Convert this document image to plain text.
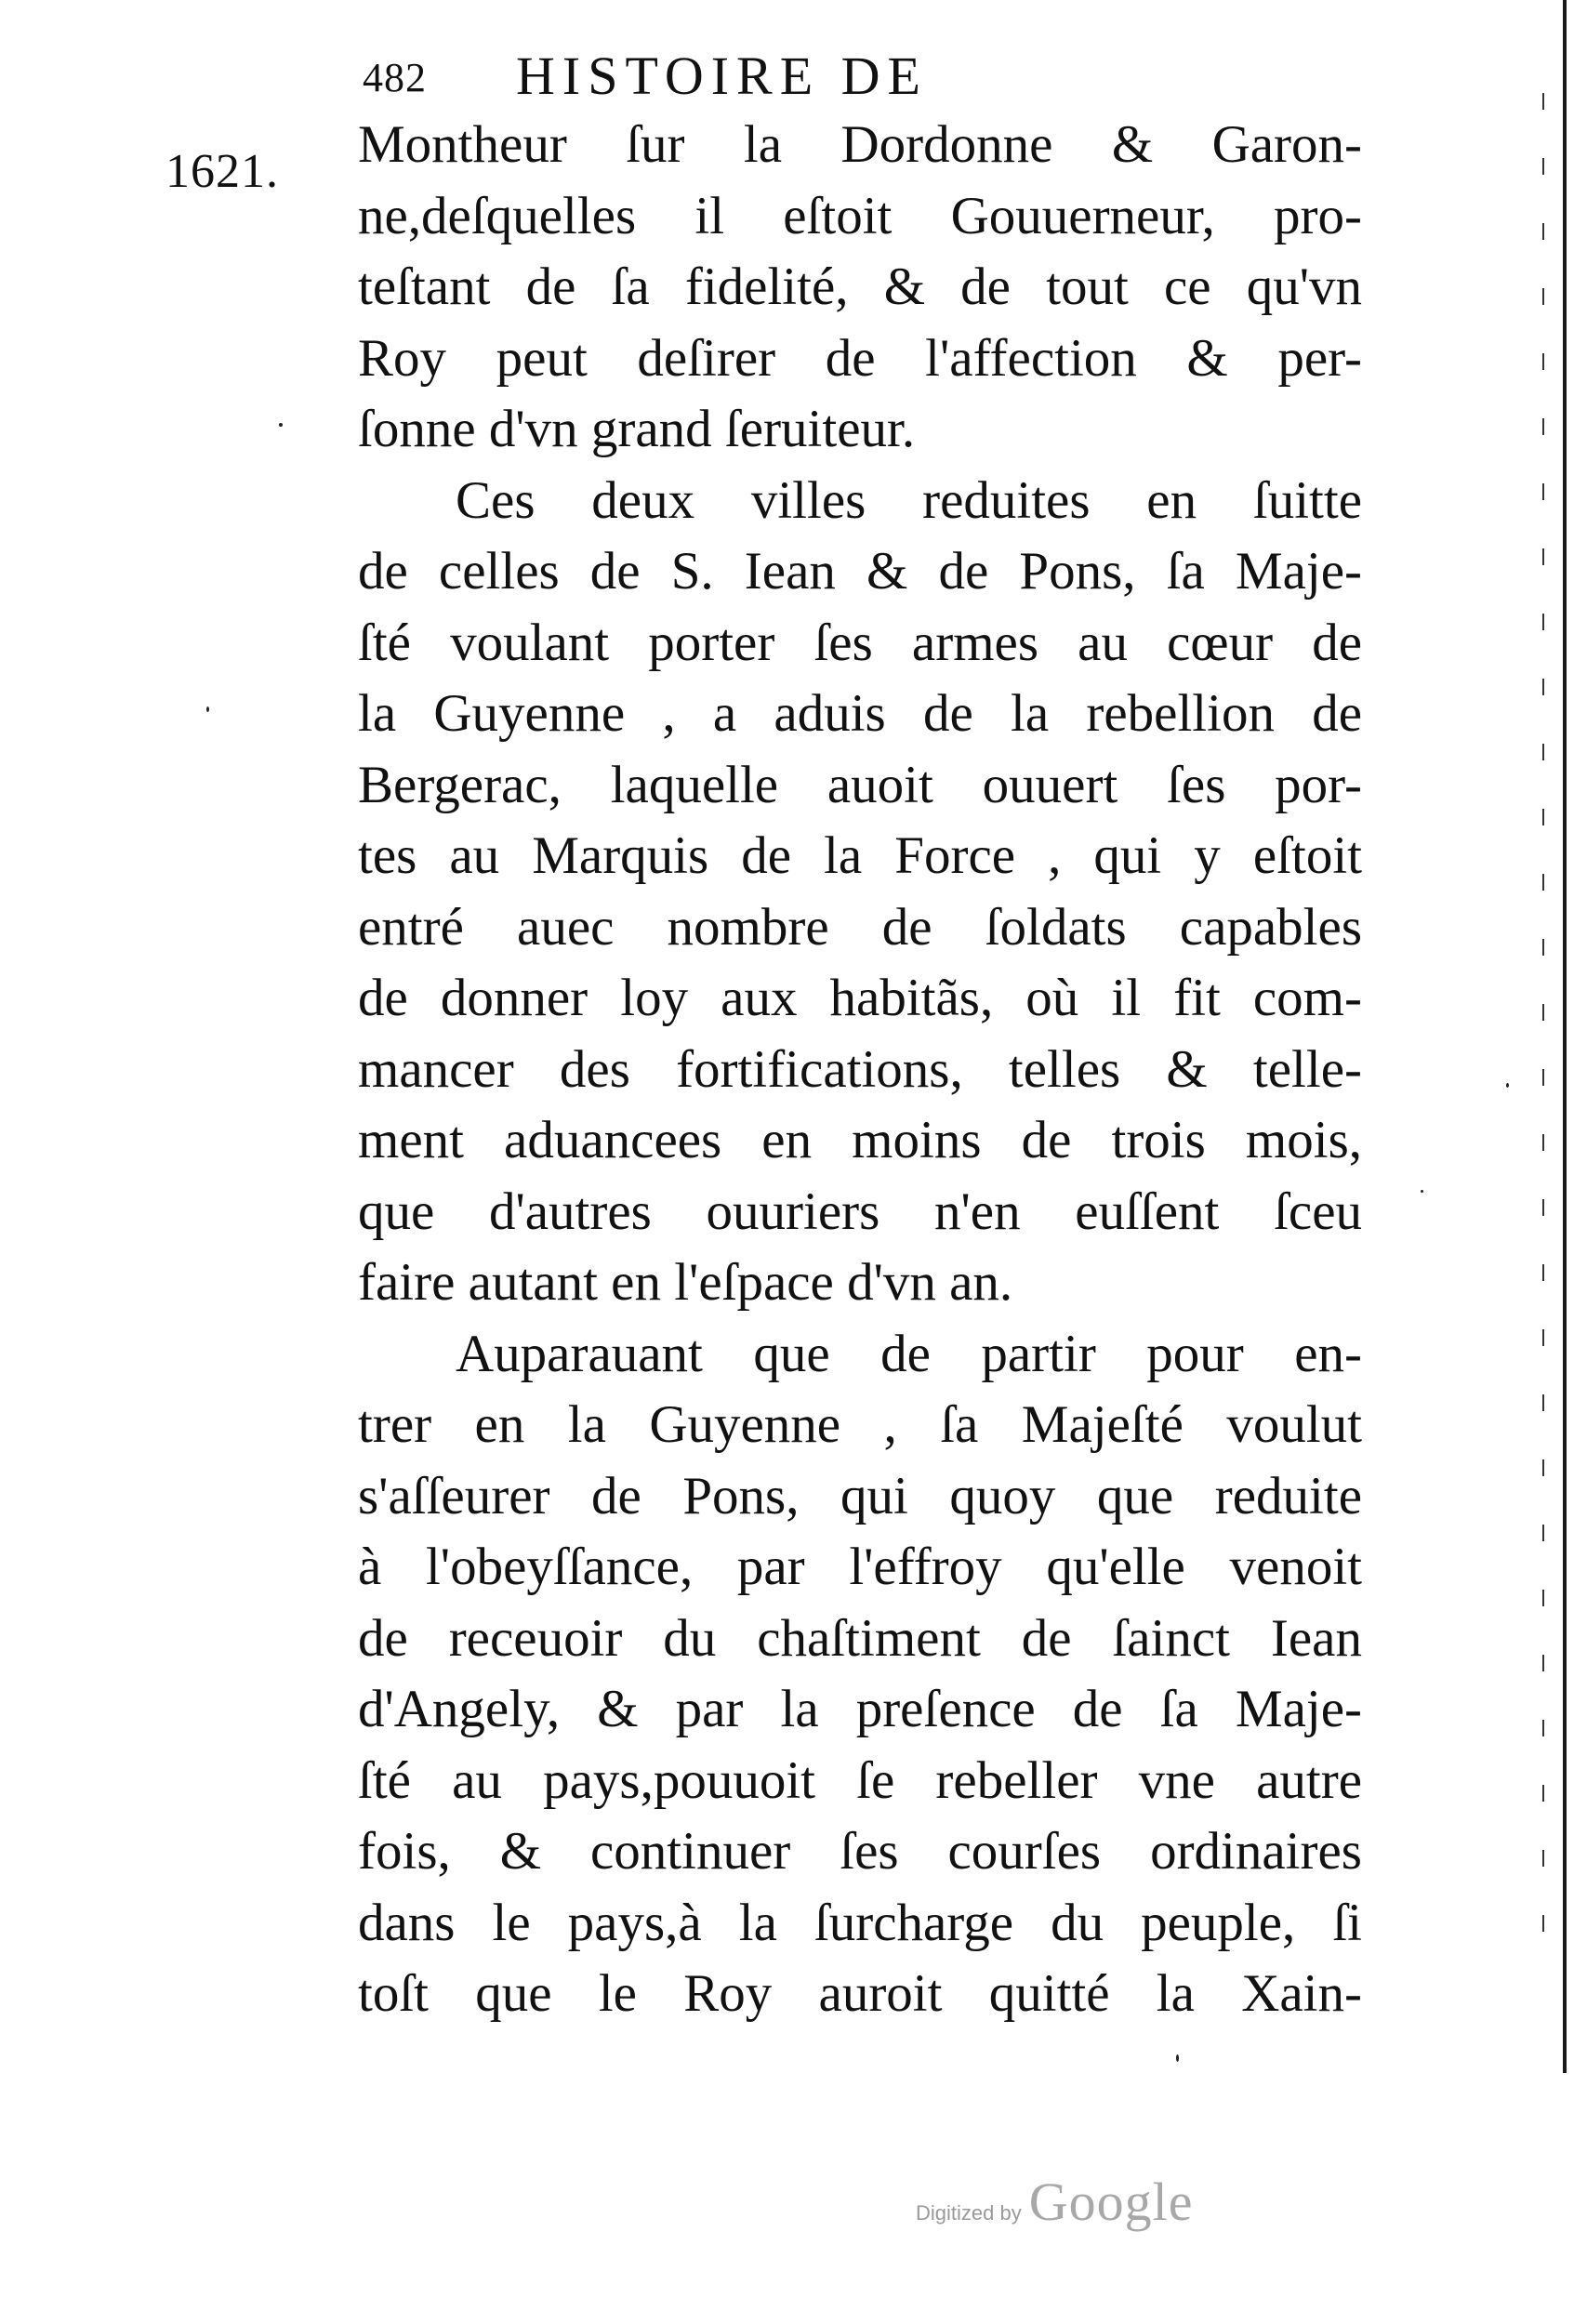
482 HISTOIRE DE
1621. Montheur ſur la Dordonne & Garon-
ne,deſquelles il eſtoit Gouuerneur, pro-
teſtant de ſa fidelité, & de tout ce qu'vn
Roy peut deſirer de l'affection & per-
ſonne d'vn grand ſeruiteur.
Ces deux villes reduites en ſuitte
de celles de S. Iean & de Pons, ſa Maje-
ſté voulant porter ſes armes au cœur de
la Guyenne , a aduis de la rebellion de
Bergerac, laquelle auoit ouuert ſes por-
tes au Marquis de la Force , qui y eſtoit
entré auec nombre de ſoldats capables
de donner loy aux habitãs, où il fit com-
mancer des fortifications, telles & telle-
ment aduancees en moins de trois mois,
que d'autres ouuriers n'en euſſent ſceu
faire autant en l'eſpace d'vn an.
Auparauant que de partir pour en-
trer en la Guyenne , ſa Majeſté voulut
s'aſſeurer de Pons, qui quoy que reduite
à l'obeyſſance, par l'effroy qu'elle venoit
de receuoir du chaſtiment de ſainct Iean
d'Angely, & par la preſence de ſa Maje-
ſté au pays,pouuoit ſe rebeller vne autre
fois, & continuer ſes courſes ordinaires
dans le pays,à la ſurcharge du peuple, ſi
toſt que le Roy auroit quitté la Xain-
Digitized by Google
